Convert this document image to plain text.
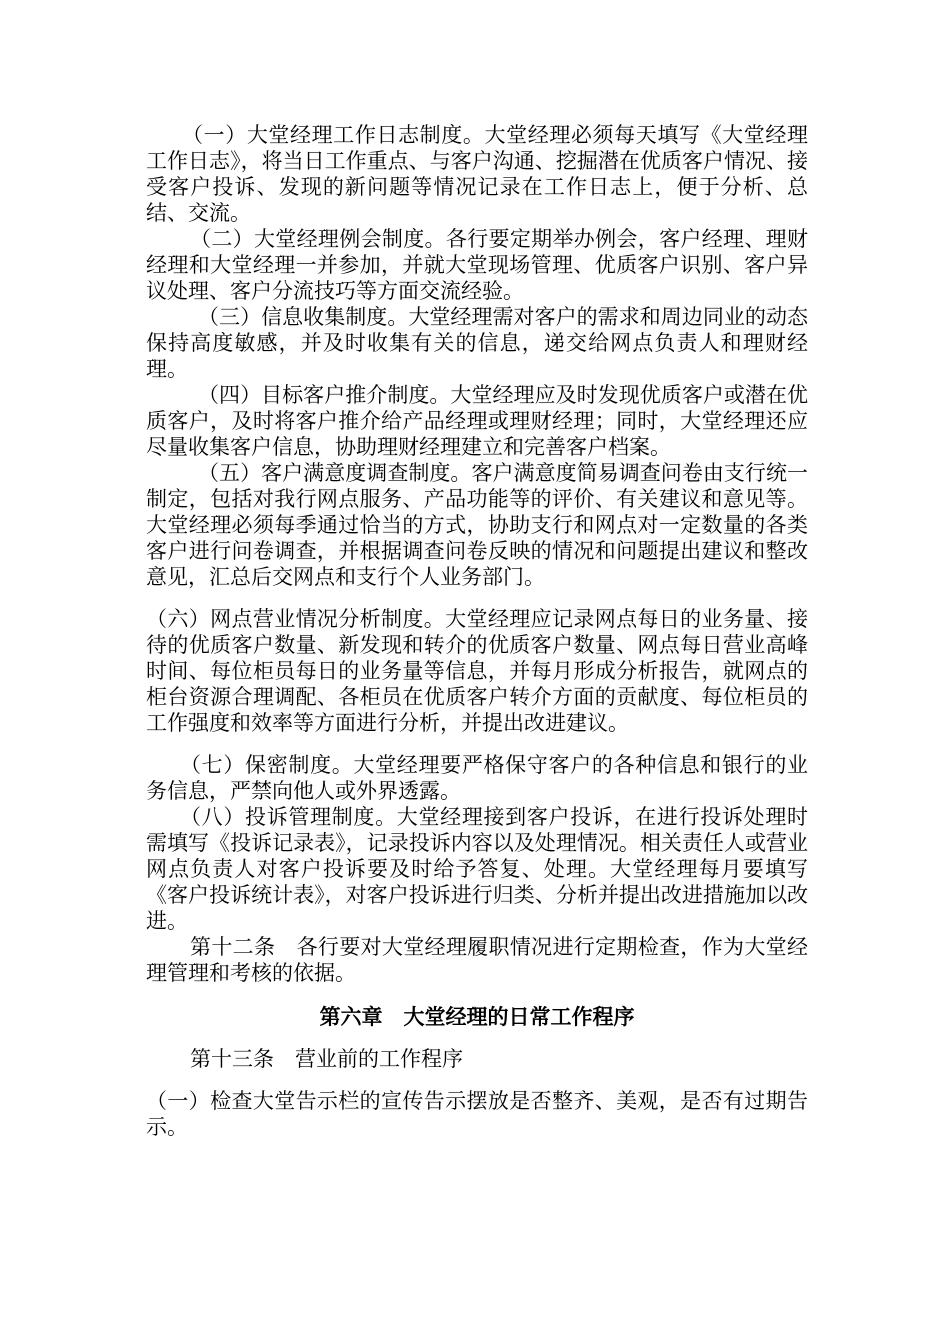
（一）大堂经理工作日志制度。大堂经理必须每天填写《大堂经理工作日志》，将当日工作重点、与客户沟通、挖掘潜在优质客户情况、接受客户投诉、发现的新问题等情况记录在工作日志上，便于分析、总结、交流。

（二）大堂经理例会制度。各行要定期举办例会，客户经理、理财经理和大堂经理一并参加，并就大堂现场管理、优质客户识别、客户异议处理、客户分流技巧等方面交流经验。

（三）信息收集制度。大堂经理需对客户的需求和周边同业的动态保持高度敏感，并及时收集有关的信息，递交给网点负责人和理财经理。

（四）目标客户推介制度。大堂经理应及时发现优质客户或潜在优质客户，及时将客户推介给产品经理或理财经理；同时，大堂经理还应尽量收集客户信息，协助理财经理建立和完善客户档案。

（五）客户满意度调查制度。客户满意度简易调查问卷由支行统一制定，包括对我行网点服务、产品功能等的评价、有关建议和意见等。大堂经理必须每季通过恰当的方式，协助支行和网点对一定数量的各类客户进行问卷调查，并根据调查问卷反映的情况和问题提出建议和整改意见，汇总后交网点和支行个人业务部门。

（六）网点营业情况分析制度。大堂经理应记录网点每日的业务量、接待的优质客户数量、新发现和转介的优质客户数量、网点每日营业高峰时间、每位柜员每日的业务量等信息，并每月形成分析报告，就网点的柜台资源合理调配、各柜员在优质客户转介方面的贡献度、每位柜员的工作强度和效率等方面进行分析，并提出改进建议。

（七）保密制度。大堂经理要严格保守客户的各种信息和银行的业务信息，严禁向他人或外界透露。

（八）投诉管理制度。大堂经理接到客户投诉，在进行投诉处理时需填写《投诉记录表》，记录投诉内容以及处理情况。相关责任人或营业网点负责人对客户投诉要及时给予答复、处理。大堂经理每月要填写《客户投诉统计表》，对客户投诉进行归类、分析并提出改进措施加以改进。

第十二条　各行要对大堂经理履职情况进行定期检查，作为大堂经理管理和考核的依据。

第六章　大堂经理的日常工作程序

第十三条　营业前的工作程序

（一）检查大堂告示栏的宣传告示摆放是否整齐、美观，是否有过期告示。
